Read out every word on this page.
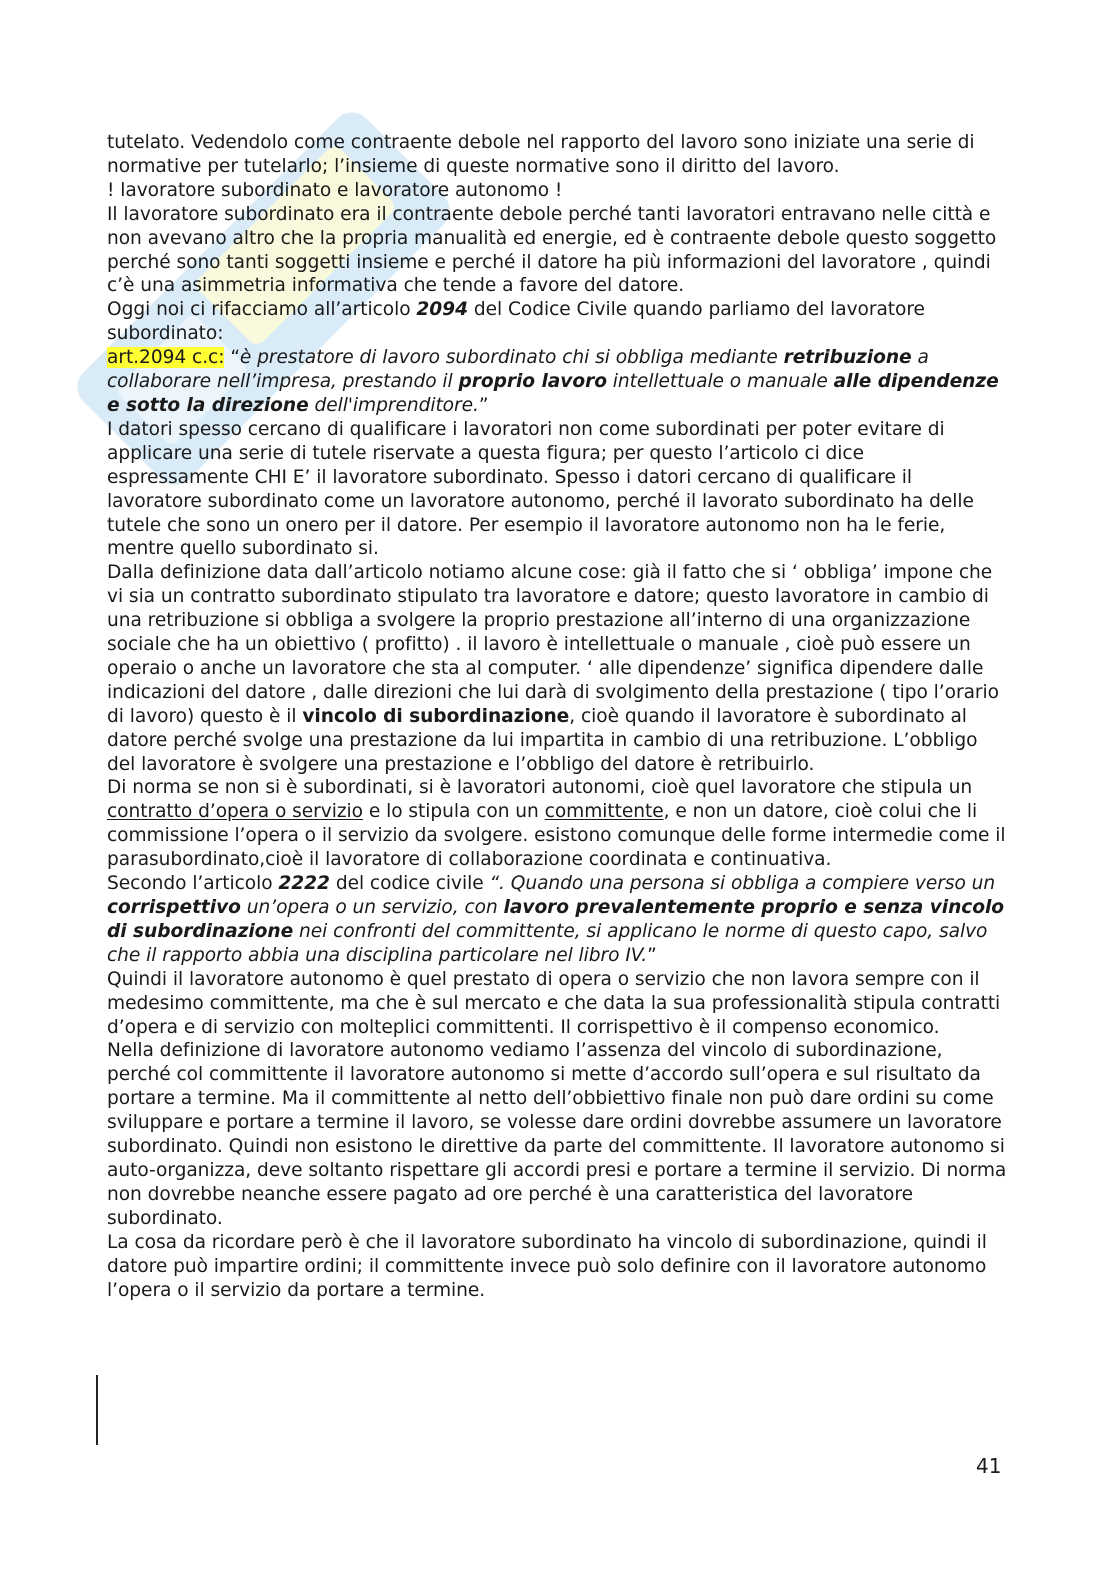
tutelato. Vedendolo come contraente debole nel rapporto del lavoro sono iniziate una serie di normative per tutelarlo; l’insieme di queste normative sono il diritto del lavoro.

! lavoratore subordinato e lavoratore autonomo !

Il lavoratore subordinato era il contraente debole perché tanti lavoratori entravano nelle città e non avevano altro che la propria manualità ed energie, ed è contraente debole questo soggetto perché sono tanti soggetti insieme e perché il datore ha più informazioni del lavoratore , quindi c’è una asimmetria informativa che tende a favore del datore.

Oggi noi ci rifacciamo all’articolo 2094 del Codice Civile quando parliamo del lavoratore subordinato:

art.2094 c.c: “è prestatore di lavoro subordinato chi si obbliga mediante retribuzione a collaborare nell’impresa, prestando il proprio lavoro intellettuale o manuale alle dipendenze e sotto la direzione dell'imprenditore.”

I datori spesso cercano di qualificare i lavoratori non come subordinati per poter evitare di applicare una serie di tutele riservate a questa figura; per questo l’articolo ci dice espressamente CHI E’ il lavoratore subordinato. Spesso i datori cercano di qualificare il lavoratore subordinato come un lavoratore autonomo, perché il lavorato subordinato ha delle tutele che sono un onero per il datore. Per esempio il lavoratore autonomo non ha le ferie, mentre quello subordinato si.

Dalla definizione data dall’articolo notiamo alcune cose: già il fatto che si ‘ obbliga’ impone che vi sia un contratto subordinato stipulato tra lavoratore e datore; questo lavoratore in cambio di una retribuzione si obbliga a svolgere la proprio prestazione all’interno di una organizzazione sociale che ha un obiettivo ( profitto) . il lavoro è intellettuale o manuale , cioè può essere un operaio o anche un lavoratore che sta al computer. ‘ alle dipendenze’ significa dipendere dalle indicazioni del datore , dalle direzioni che lui darà di svolgimento della prestazione ( tipo l’orario di lavoro) questo è il vincolo di subordinazione, cioè quando il lavoratore è subordinato al datore perché svolge una prestazione da lui impartita in cambio di una retribuzione. L’obbligo del lavoratore è svolgere una prestazione e l’obbligo del datore è retribuirlo.

Di norma se non si è subordinati, si è lavoratori autonomi, cioè quel lavoratore che stipula un contratto d’opera o servizio e lo stipula con un committente, e non un datore, cioè colui che li commissione l’opera o il servizio da svolgere. esistono comunque delle forme intermedie come il parasubordinato,cioè il lavoratore di collaborazione coordinata e continuativa.

Secondo l’articolo 2222 del codice civile “. Quando una persona si obbliga a compiere verso un corrispettivo un’opera o un servizio, con lavoro prevalentemente proprio e senza vincolo di subordinazione nei confronti del committente, si applicano le norme di questo capo, salvo che il rapporto abbia una disciplina particolare nel libro IV.”

Quindi il lavoratore autonomo è quel prestato di opera o servizio che non lavora sempre con il medesimo committente, ma che è sul mercato e che data la sua professionalità stipula contratti d’opera e di servizio con molteplici committenti. Il corrispettivo è il compenso economico.

Nella definizione di lavoratore autonomo vediamo l’assenza del vincolo di subordinazione, perché col committente il lavoratore autonomo si mette d’accordo sull’opera e sul risultato da portare a termine. Ma il committente al netto dell’obbiettivo finale non può dare ordini su come sviluppare e portare a termine il lavoro, se volesse dare ordini dovrebbe assumere un lavoratore subordinato. Quindi non esistono le direttive da parte del committente. Il lavoratore autonomo si auto-organizza, deve soltanto rispettare gli accordi presi e portare a termine il servizio. Di norma non dovrebbe neanche essere pagato ad ore perché è una caratteristica del lavoratore subordinato.

La cosa da ricordare però è che il lavoratore subordinato ha vincolo di subordinazione, quindi il datore può impartire ordini; il committente invece può solo definire con il lavoratore autonomo l’opera o il servizio da portare a termine.

41
